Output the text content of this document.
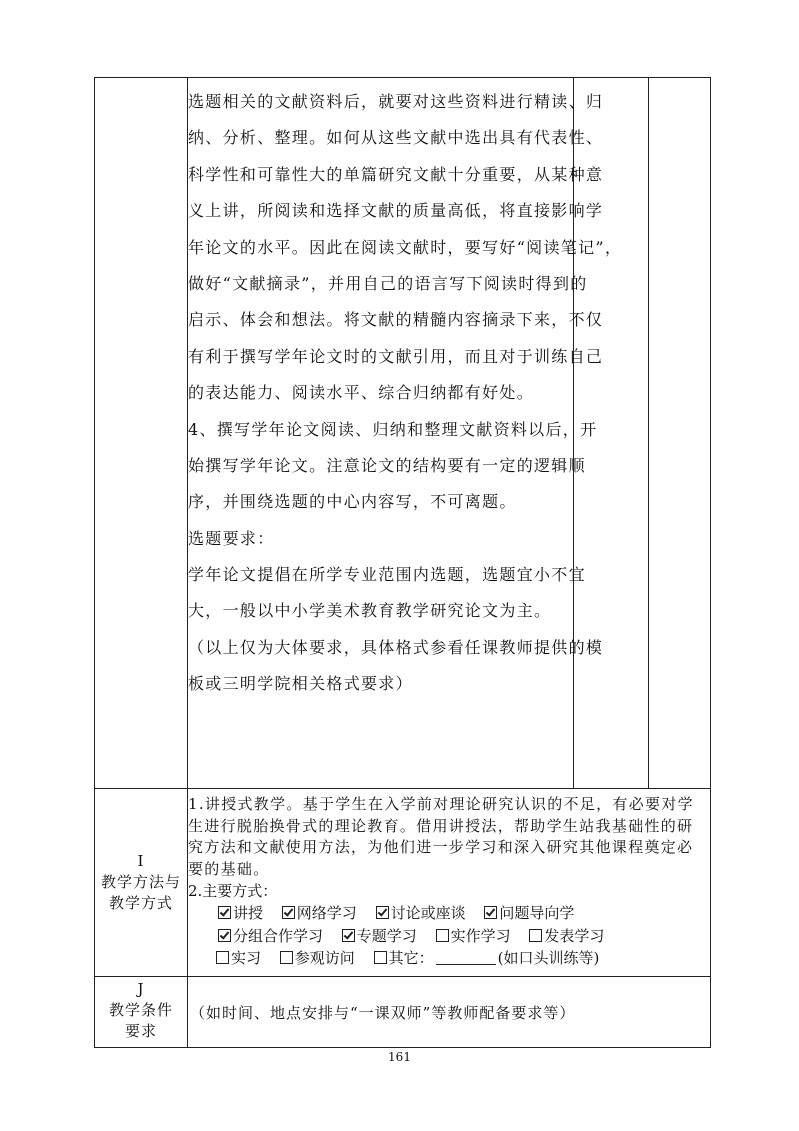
选题相关的文献资料后，就要对这些资料进行精读、归

纳、分析、整理。如何从这些文献中选出具有代表性、

科学性和可靠性大的单篇研究文献十分重要，从某种意

义上讲，所阅读和选择文献的质量高低，将直接影响学

年论文的水平。因此在阅读文献时，要写好“阅读笔记”，

做好“文献摘录”，并用自己的语言写下阅读时得到的

启示、体会和想法。将文献的精髓内容摘录下来，不仅

有利于撰写学年论文时的文献引用，而且对于训练自己

的表达能力、阅读水平、综合归纳都有好处。

4、撰写学年论文阅读、归纳和整理文献资料以后，开

始撰写学年论文。注意论文的结构要有一定的逻辑顺

序，并围绕选题的中心内容写，不可离题。

选题要求：

学年论文提倡在所学专业范围内选题，选题宜小不宜

大，一般以中小学美术教育教学研究论文为主。

（以上仅为大体要求，具体格式参看任课教师提供的模

板或三明学院相关格式要求）

I
教学方法与
教学方式
1.讲授式教学。基于学生在入学前对理论研究认识的不足，有必要对学生进行脱胎换骨式的理论教育。借用讲授法，帮助学生站我基础性的研究方法和文献使用方法，为他们进一步学习和深入研究其他课程奠定必要的基础。
2.主要方式：
讲授 网络学习 讨论或座谈 问题导向学
分组合作学习 专题学习 实作学习 发表学习
实习 参观访问 其它：	(如口头训练等)
J
教学条件
要求
（如时间、地点安排与“一课双师”等教师配备要求等）
161
